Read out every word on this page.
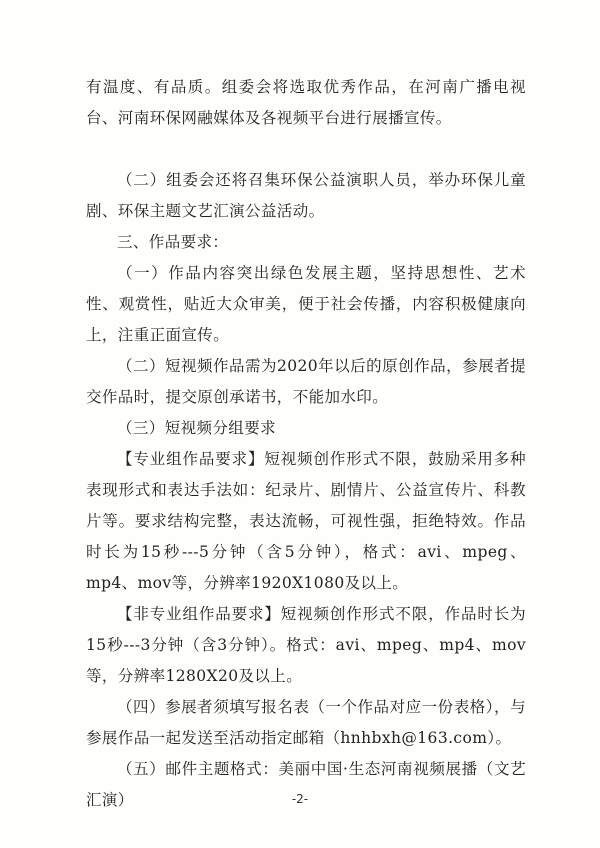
有温度、有品质。组委会将选取优秀作品，在河南广播电视台、河南环保网融媒体及各视频平台进行展播宣传。

（二）组委会还将召集环保公益演职人员，举办环保儿童剧、环保主题文艺汇演公益活动。

三、作品要求：

（一）作品内容突出绿色发展主题，坚持思想性、艺术性、观赏性，贴近大众审美，便于社会传播，内容积极健康向上，注重正面宣传。

（二）短视频作品需为2020年以后的原创作品，参展者提交作品时，提交原创承诺书，不能加水印。

（三）短视频分组要求

【专业组作品要求】短视频创作形式不限，鼓励采用多种表现形式和表达手法如：纪录片、剧情片、公益宣传片、科教片等。要求结构完整，表达流畅，可视性强，拒绝特效。作品时长为15秒---5分钟（含5分钟），格式：avi、mpeg、mp4、mov等，分辨率1920X1080及以上。

【非专业组作品要求】短视频创作形式不限，作品时长为15秒---3分钟（含3分钟）。格式：avi、mpeg、mp4、mov等，分辨率1280X20及以上。

（四）参展者须填写报名表（一个作品对应一份表格），与参展作品一起发送至活动指定邮箱（hnhbxh@163.com）。

（五）邮件主题格式：美丽中国·生态河南视频展播（文艺汇演）	-2-
